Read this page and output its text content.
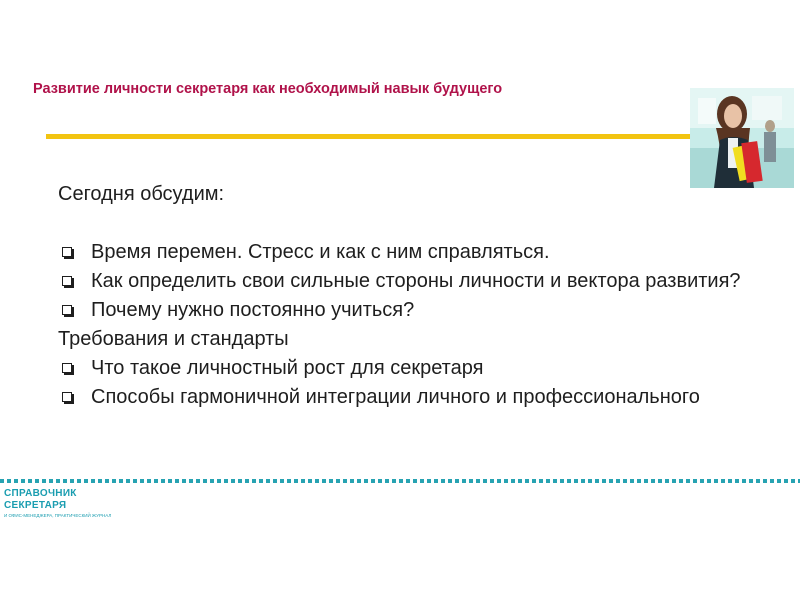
Развитие личности секретаря как необходимый навык будущего

Сегодня обсудим:

Время перемен. Стресс и как с ним справляться.

Как определить свои сильные стороны личности и вектора развития?

Почему нужно постоянно учиться?

Требования и стандарты

Что такое личностный рост для секретаря

Способы гармоничной интеграции личного и профессионального

СПРАВОЧНИК
СЕКРЕТАРЯ
И ОФИС-МЕНЕДЖЕРА, ПРАКТИЧЕСКИЙ ЖУРНАЛ
